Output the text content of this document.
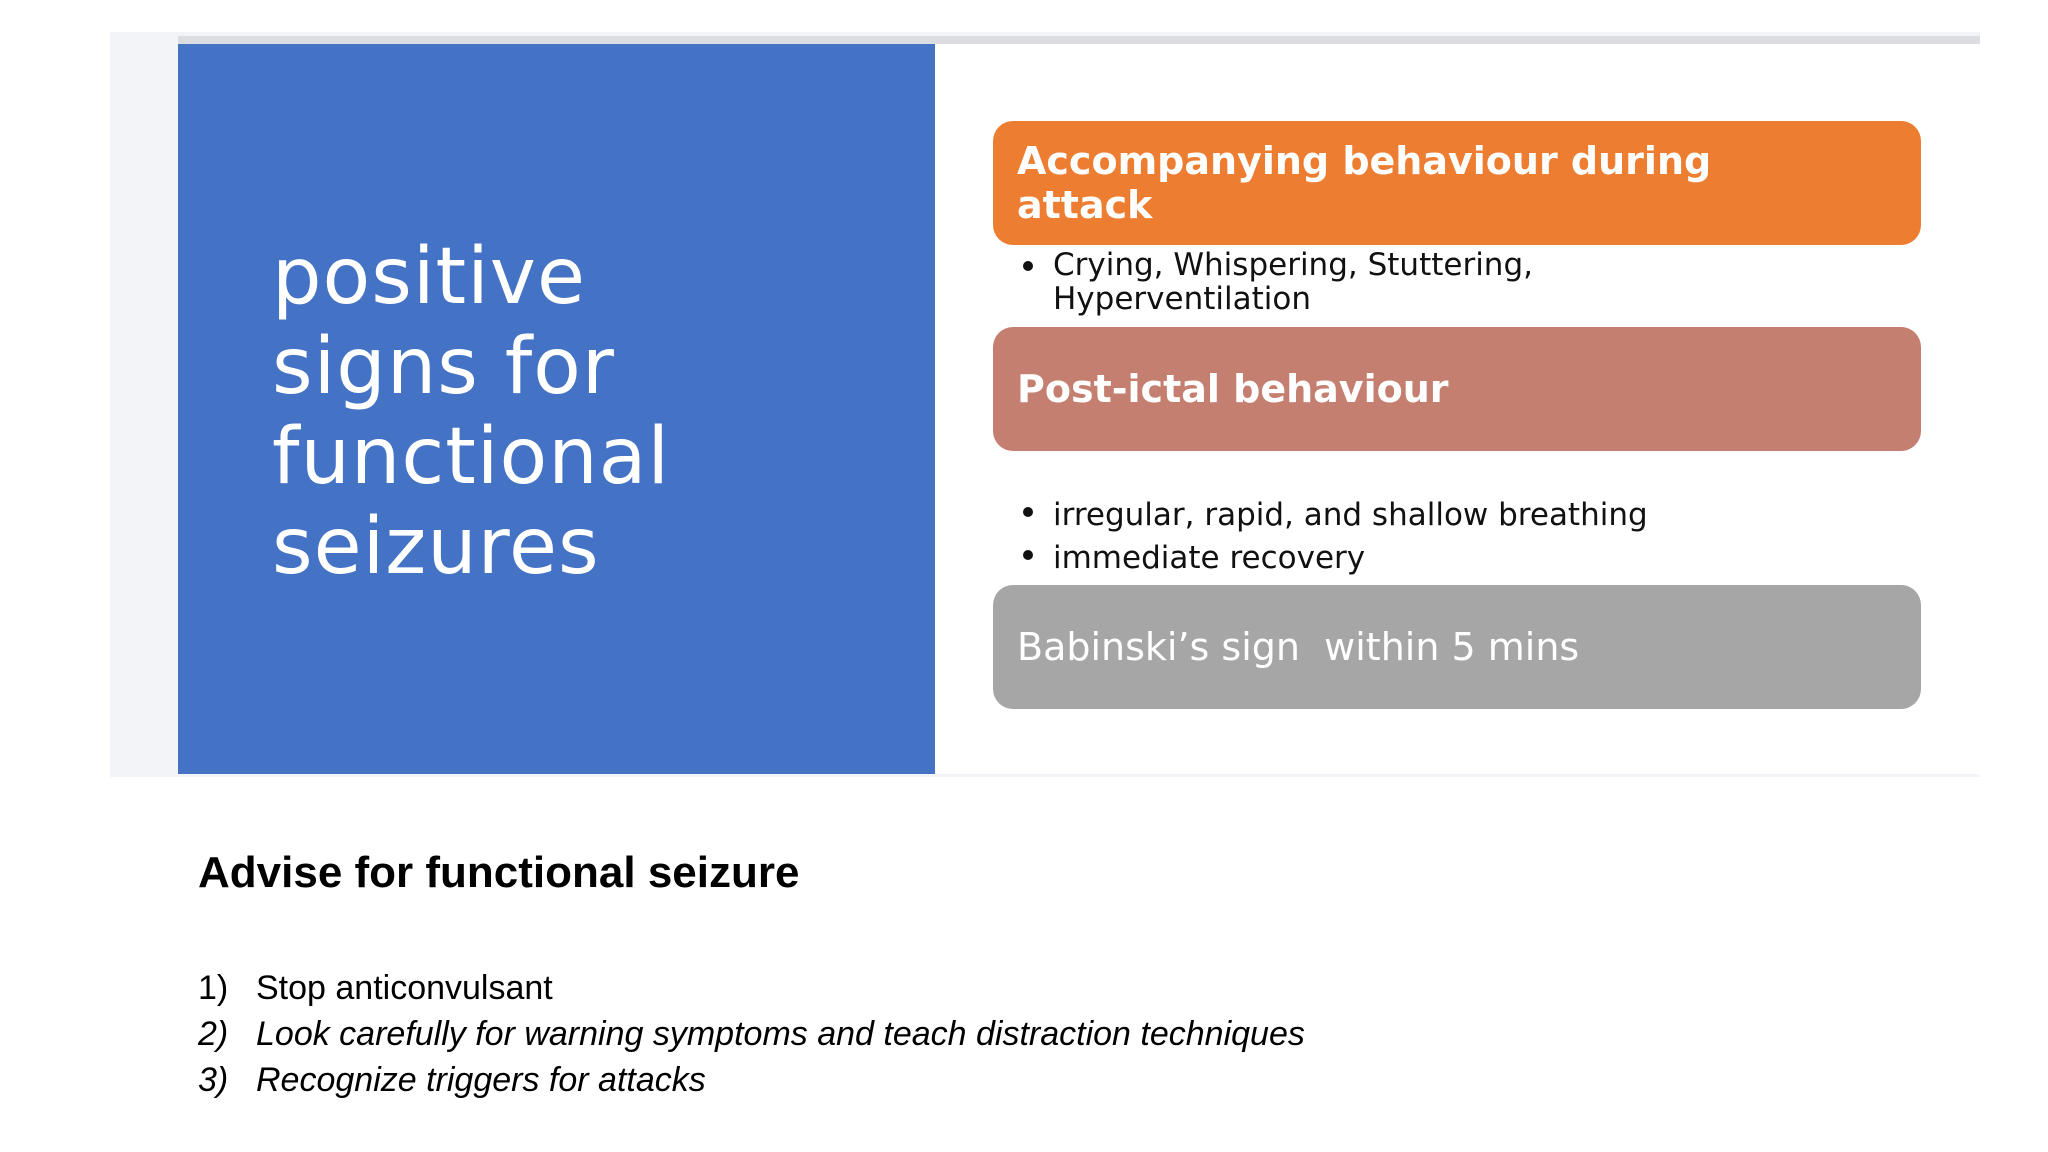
positive
signs for
functional
seizures
Accompanying behaviour during
attack
Crying, Whispering, Stuttering,
Hyperventilation
Post-ictal behaviour
irregular, rapid, and shallow breathing
immediate recovery
Babinski’s sign  within 5 mins
Advise for functional seizure
1) Stop anticonvulsant
2) Look carefully for warning symptoms and teach distraction techniques
3) Recognize triggers for attacks
